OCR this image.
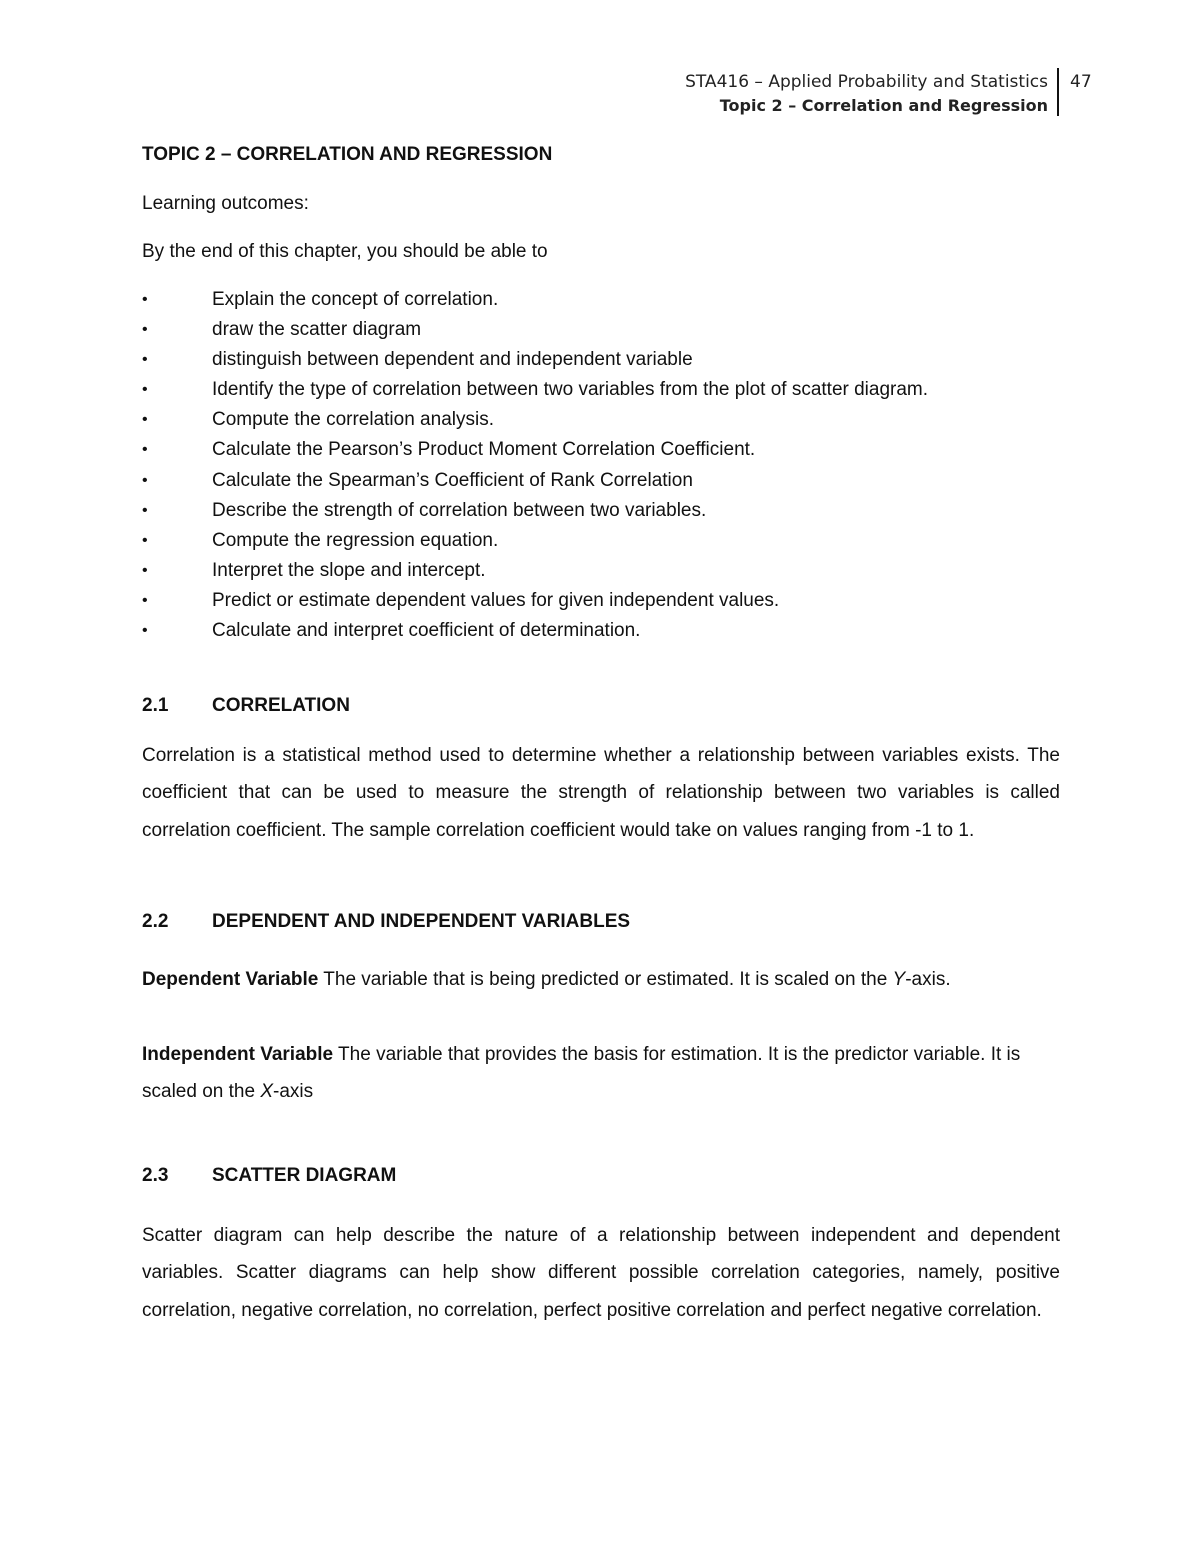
STA416 – Applied Probability and Statistics
Topic 2 – Correlation and Regression
47
TOPIC 2 – CORRELATION AND REGRESSION

Learning outcomes:

By the end of this chapter, you should be able to

•	Explain the concept of correlation.
•	draw the scatter diagram
•	distinguish between dependent and independent variable
•	Identify the type of correlation between two variables from the plot of scatter diagram.
•	Compute the correlation analysis.
•	Calculate the Pearson’s Product Moment Correlation Coefficient.
•	Calculate the Spearman’s Coefficient of Rank Correlation
•	Describe the strength of correlation between two variables.
•	Compute the regression equation.
•	Interpret the slope and intercept.
•	Predict or estimate dependent values for given independent values.
•	Calculate and interpret coefficient of determination.
2.1 CORRELATION

Correlation is a statistical method used to determine whether a relationship between variables exists. The coefficient that can be used to measure the strength of relationship between two variables is called correlation coefficient. The sample correlation coefficient would take on values ranging from -1 to 1.

2.2 DEPENDENT AND INDEPENDENT VARIABLES

Dependent Variable The variable that is being predicted or estimated. It is scaled on the Y-axis.

Independent Variable The variable that provides the basis for estimation. It is the predictor variable. It is scaled on the X-axis

2.3 SCATTER DIAGRAM

Scatter diagram can help describe the nature of a relationship between independent and dependent variables. Scatter diagrams can help show different possible correlation categories, namely, positive correlation, negative correlation, no correlation, perfect positive correlation and perfect negative correlation.
